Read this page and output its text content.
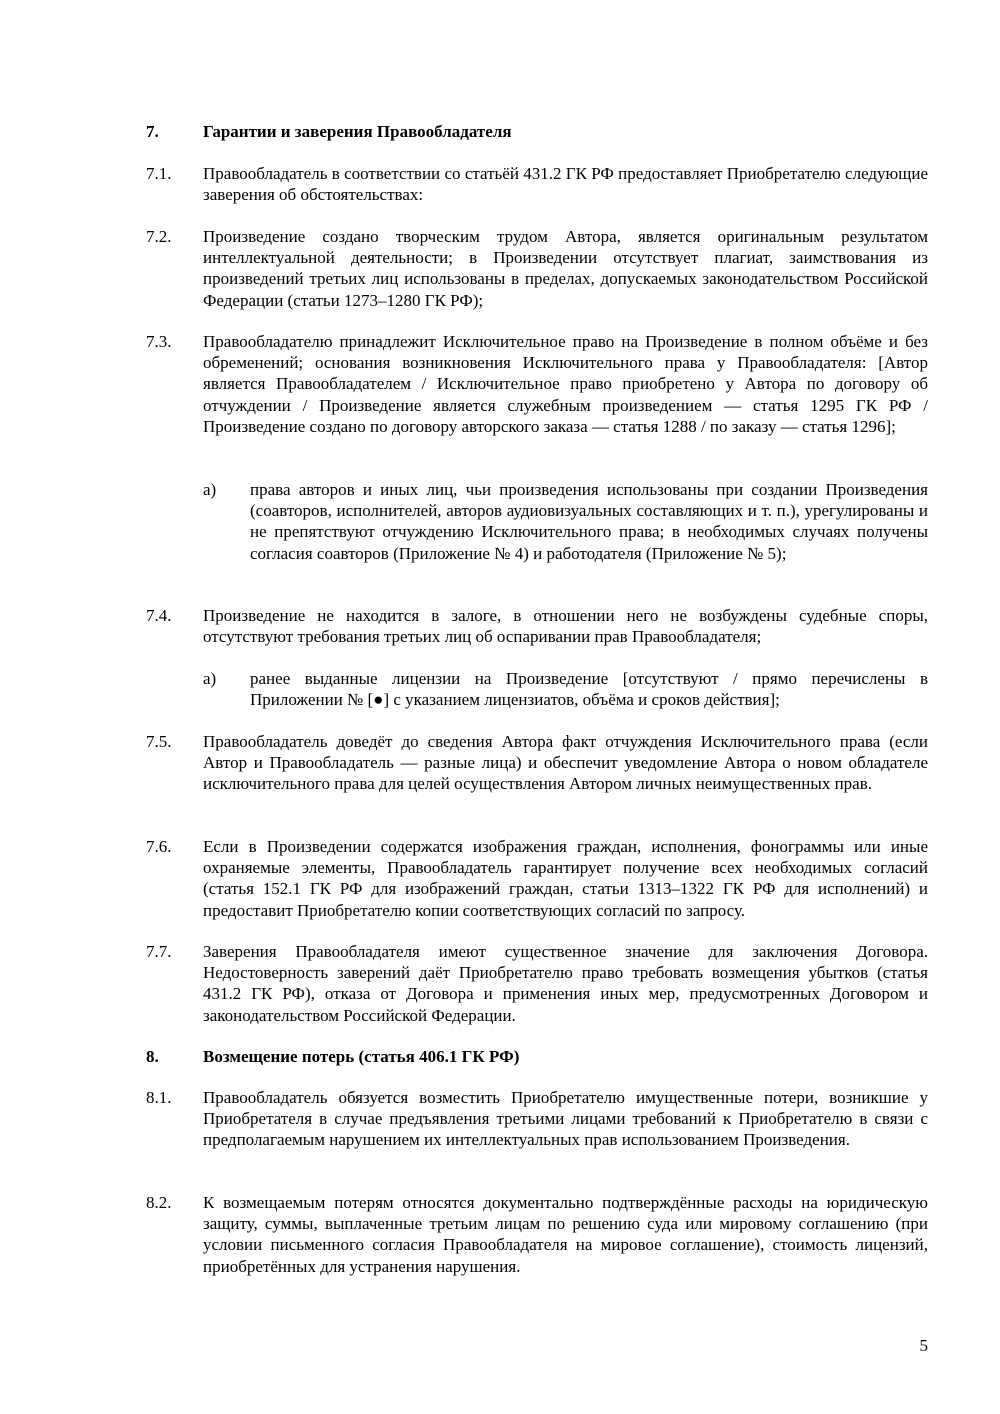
7.	Гарантии и заверения Правообладателя
7.1. Правообладатель в соответствии со статьёй 431.2 ГК РФ предоставляет Приобретателю следующие заверения об обстоятельствах:
7.2. Произведение создано творческим трудом Автора, является оригинальным результатом интеллектуальной деятельности; в Произведении отсутствует плагиат, заимствования из произведений третьих лиц использованы в пределах, допускаемых законодательством Российской Федерации (статьи 1273–1280 ГК РФ);
7.3. Правообладателю принадлежит Исключительное право на Произведение в полном объёме и без обременений; основания возникновения Исключительного права у Правообладателя: [Автор является Правообладателем / Исключительное право приобретено у Автора по договору об отчуждении / Произведение является служебным произведением — статья 1295 ГК РФ / Произведение создано по договору авторского заказа — статья 1288 / по заказу — статья 1296];
a) права авторов и иных лиц, чьи произведения использованы при создании Произведения (соавторов, исполнителей, авторов аудиовизуальных составляющих и т. п.), урегулированы и не препятствуют отчуждению Исключительного права; в необходимых случаях получены согласия соавторов (Приложение № 4) и работодателя (Приложение № 5);
7.4. Произведение не находится в залоге, в отношении него не возбуждены судебные споры, отсутствуют требования третьих лиц об оспаривании прав Правообладателя;
a) ранее выданные лицензии на Произведение [отсутствуют / прямо перечислены в Приложении № [●] с указанием лицензиатов, объёма и сроков действия];
7.5. Правообладатель доведёт до сведения Автора факт отчуждения Исключительного права (если Автор и Правообладатель — разные лица) и обеспечит уведомление Автора о новом обладателе исключительного права для целей осуществления Автором личных неимущественных прав.
7.6. Если в Произведении содержатся изображения граждан, исполнения, фонограммы или иные охраняемые элементы, Правообладатель гарантирует получение всех необходимых согласий (статья 152.1 ГК РФ для изображений граждан, статьи 1313–1322 ГК РФ для исполнений) и предоставит Приобретателю копии соответствующих согласий по запросу.
7.7. Заверения Правообладателя имеют существенное значение для заключения Договора. Недостоверность заверений даёт Приобретателю право требовать возмещения убытков (статья 431.2 ГК РФ), отказа от Договора и применения иных мер, предусмотренных Договором и законодательством Российской Федерации.
8.	Возмещение потерь (статья 406.1 ГК РФ)
8.1. Правообладатель обязуется возместить Приобретателю имущественные потери, возникшие у Приобретателя в случае предъявления третьими лицами требований к Приобретателю в связи с предполагаемым нарушением их интеллектуальных прав использованием Произведения.
8.2. К возмещаемым потерям относятся документально подтверждённые расходы на юридическую защиту, суммы, выплаченные третьим лицам по решению суда или мировому соглашению (при условии письменного согласия Правообладателя на мировое соглашение), стоимость лицензий, приобретённых для устранения нарушения.
5
